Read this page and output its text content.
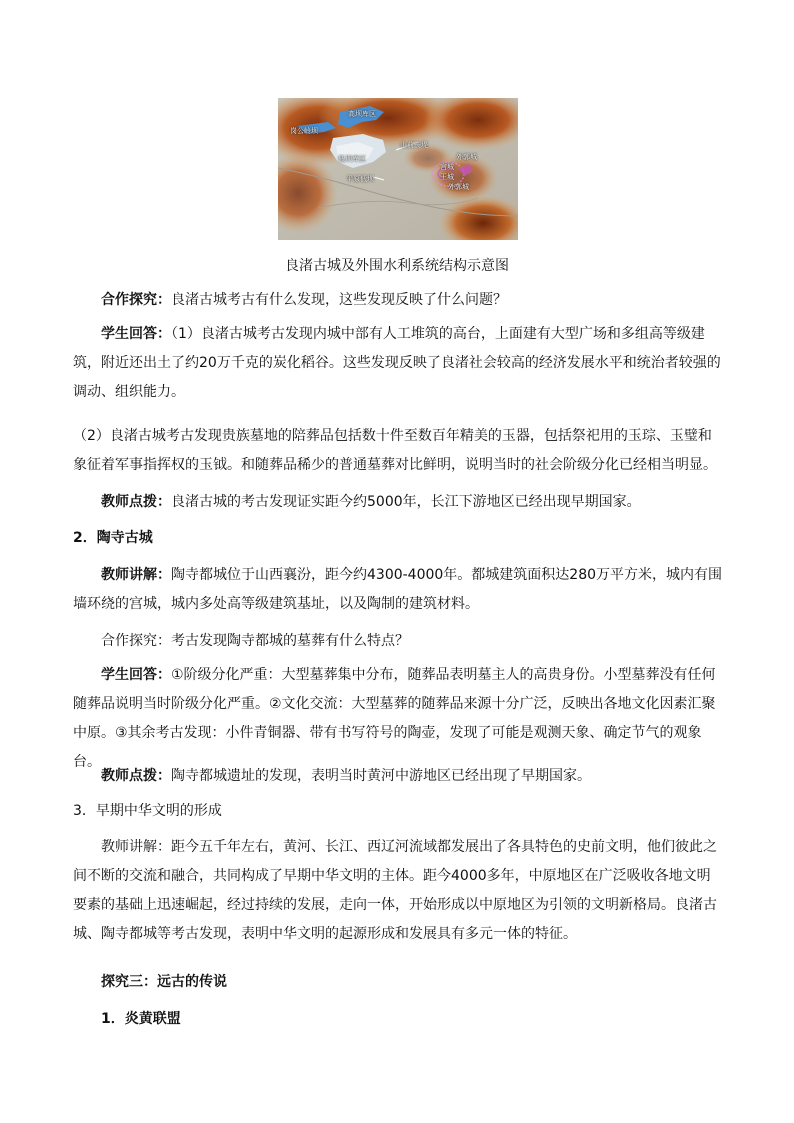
高坝库区
岗公岭坝
山前长堤
低坝库区
平原低坝
外郭城
宫城
王城
外郭城
良渚古城及外围水利系统结构示意图

合作探究：良渚古城考古有什么发现，这些发现反映了什么问题？

学生回答：（1）良渚古城考古发现内城中部有人工堆筑的高台，上面建有大型广场和多组高等级建筑，附近还出土了约20万千克的炭化稻谷。这些发现反映了良渚社会较高的经济发展水平和统治者较强的调动、组织能力。

（2）良渚古城考古发现贵族墓地的陪葬品包括数十件至数百年精美的玉器，包括祭祀用的玉琮、玉璧和象征着军事指挥权的玉钺。和随葬品稀少的普通墓葬对比鲜明，说明当时的社会阶级分化已经相当明显。

教师点拨：良渚古城的考古发现证实距今约5000年，长江下游地区已经出现早期国家。

2．陶寺古城

教师讲解：陶寺都城位于山西襄汾，距今约4300-4000年。都城建筑面积达280万平方米，城内有围墙环绕的宫城，城内多处高等级建筑基址，以及陶制的建筑材料。

合作探究：考古发现陶寺都城的墓葬有什么特点？

学生回答：①阶级分化严重：大型墓葬集中分布，随葬品表明墓主人的高贵身份。小型墓葬没有任何随葬品说明当时阶级分化严重。②文化交流：大型墓葬的随葬品来源十分广泛，反映出各地文化因素汇聚中原。③其余考古发现：小件青铜器、带有书写符号的陶壶，发现了可能是观测天象、确定节气的观象台。

教师点拨：陶寺都城遗址的发现，表明当时黄河中游地区已经出现了早期国家。

3．早期中华文明的形成

教师讲解：距今五千年左右，黄河、长江、西辽河流域都发展出了各具特色的史前文明，他们彼此之间不断的交流和融合，共同构成了早期中华文明的主体。距今4000多年，中原地区在广泛吸收各地文明要素的基础上迅速崛起，经过持续的发展，走向一体，开始形成以中原地区为引领的文明新格局。良渚古城、陶寺都城等考古发现，表明中华文明的起源形成和发展具有多元一体的特征。

探究三：远古的传说

1．炎黄联盟
